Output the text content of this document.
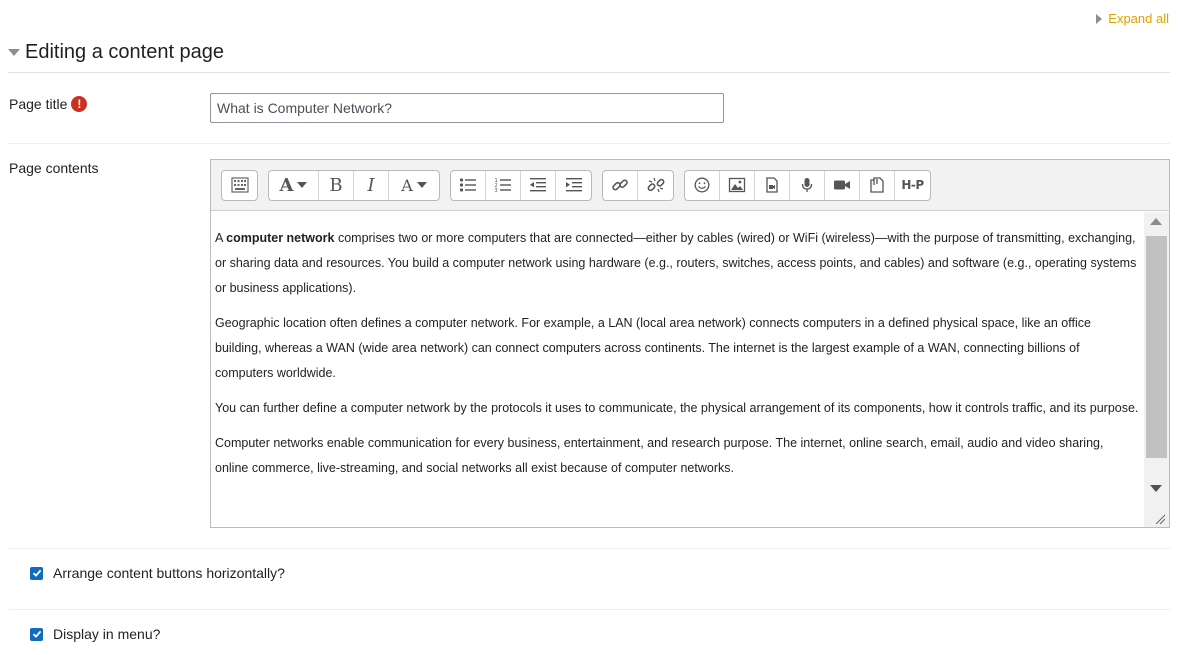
Expand all
Editing a content page
Page title !
What is Computer Network?
Page contents
A B I A	1
2
3	H-P

A computer network comprises two or more computers that are connected—either by cables (wired) or WiFi (wireless)—with the purpose of transmitting, exchanging, or sharing data and resources. You build a computer network using hardware (e.g., routers, switches, access points, and cables) and software (e.g., operating systems or business applications).

Geographic location often defines a computer network. For example, a LAN (local area network) connects computers in a defined physical space, like an office building, whereas a WAN (wide area network) can connect computers across continents. The internet is the largest example of a WAN, connecting billions of computers worldwide.

You can further define a computer network by the protocols it uses to communicate, the physical arrangement of its components, how it controls traffic, and its purpose.

Computer networks enable communication for every business, entertainment, and research purpose. The internet, online search, email, audio and video sharing, online commerce, live-streaming, and social networks all exist because of computer networks.

Arrange content buttons horizontally?
Display in menu?
